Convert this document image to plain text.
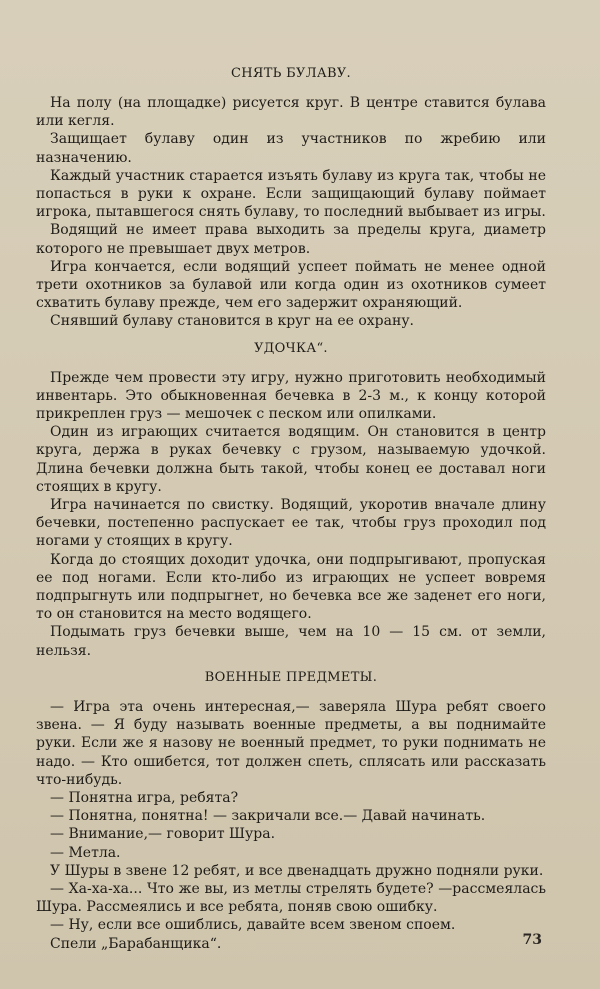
СНЯТЬ БУЛАВУ.

На полу (на площадке) рисуется круг. В центре ставится булава или кегля.

Защищает булаву один из участников по жребию или назначению.

Каждый участник старается изъять булаву из круга так, чтобы не попасться в руки к охране. Если защищающий булаву поймает игрока, пытавшегося снять булаву, то последний выбывает из игры.

Водящий не имеет права выходить за пределы круга, диаметр которого не превышает двух метров.

Игра кончается, если водящий успеет поймать не менее одной трети охотников за булавой или когда один из охотников сумеет схватить булаву прежде, чем его задержит охраняющий.

Снявший булаву становится в круг на ее охрану.

УДОЧКА“.

Прежде чем провести эту игру, нужно приготовить необходимый инвентарь. Это обыкновенная бечевка в 2-3 м., к концу которой прикреплен груз — мешочек с песком или опилками.

Один из играющих считается водящим. Он становится в центр круга, держа в руках бечевку с грузом, называемую удочкой. Длина бечевки должна быть такой, чтобы конец ее доставал ноги стоящих в кругу.

Игра начинается по свистку. Водящий, укоротив вначале длину бечевки, постепенно распускает ее так, чтобы груз проходил под ногами у стоящих в кругу.

Когда до стоящих доходит удочка, они подпрыгивают, пропуская ее под ногами. Если кто-либо из играющих не успеет вовремя подпрыгнуть или подпрыгнет, но бечевка все же заденет его ноги, то он становится на место водящего.

Подымать груз бечевки выше, чем на 10 — 15 см. от земли, нельзя.

ВОЕННЫЕ ПРЕДМЕТЫ.

— Игра эта очень интересная,— заверяла Шура ребят своего звена. — Я буду называть военные предметы, а вы поднимайте руки. Если же я назову не военный предмет, то руки поднимать не надо. — Кто ошибется, тот должен спеть, сплясать или рассказать что-нибудь.

— Понятна игра, ребята?

— Понятна, понятна! — закричали все.— Давай начинать.

— Внимание,— говорит Шура.

— Метла.

У Шуры в звене 12 ребят, и все двенадцать дружно подняли руки.

— Ха-ха-ха... Что же вы, из метлы стрелять будете? —рассмеялась Шура. Рассмеялись и все ребята, поняв свою ошибку.

— Ну, если все ошиблись, давайте всем звеном споем.

Спели „Барабанщика“.	73
